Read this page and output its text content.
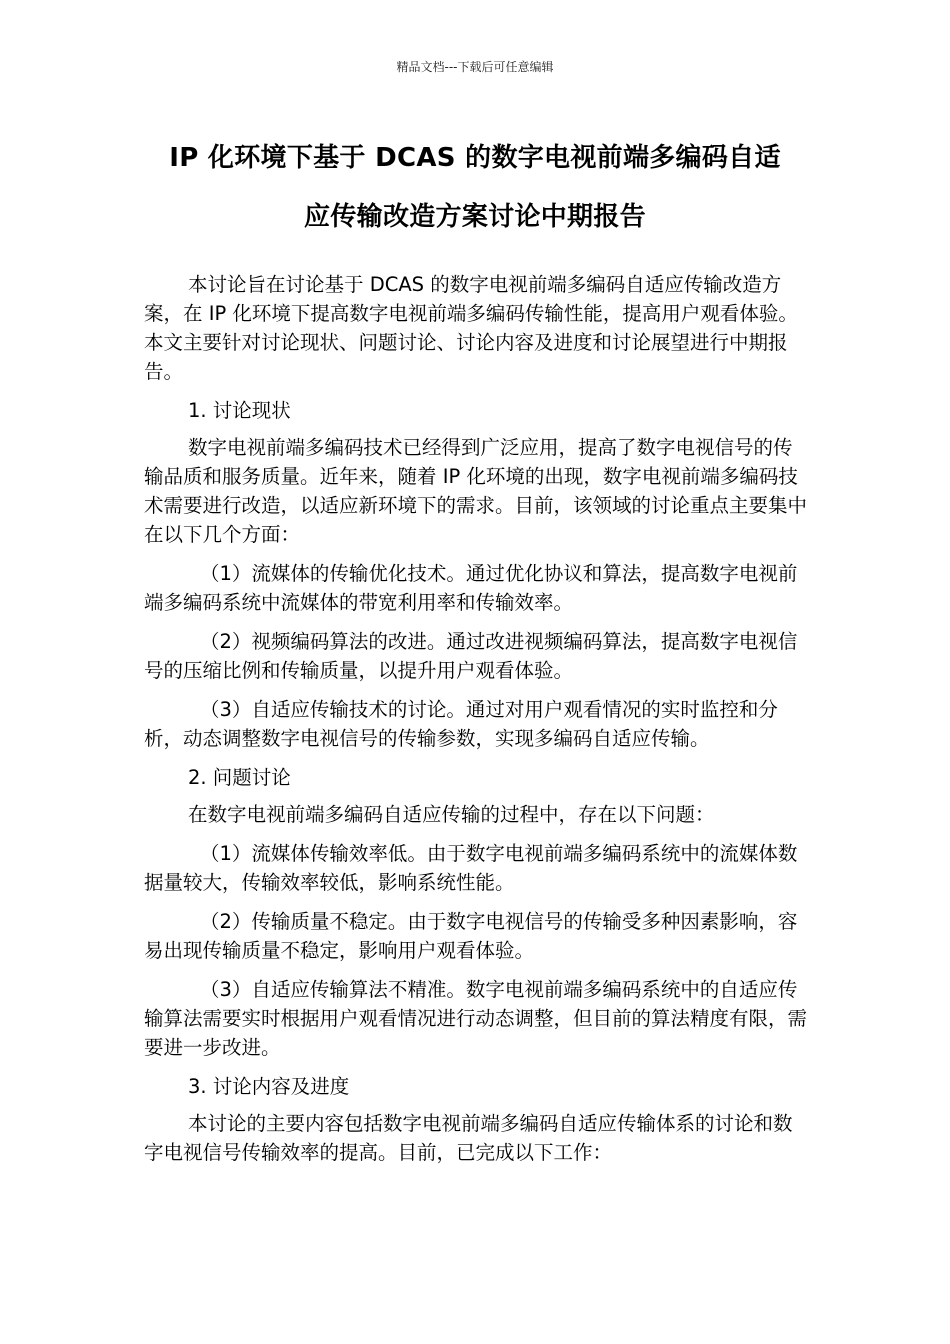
精品文档---下载后可任意编辑
IP 化环境下基于 DCAS 的数字电视前端多编码自适
应传输改造方案讨论中期报告

本讨论旨在讨论基于 DCAS 的数字电视前端多编码自适应传输改造方案，在 IP 化环境下提高数字电视前端多编码传输性能，提高用户观看体验。本文主要针对讨论现状、问题讨论、讨论内容及进度和讨论展望进行中期报告。

1. 讨论现状

数字电视前端多编码技术已经得到广泛应用，提高了数字电视信号的传输品质和服务质量。近年来，随着 IP 化环境的出现，数字电视前端多编码技术需要进行改造，以适应新环境下的需求。目前，该领域的讨论重点主要集中在以下几个方面：

（1）流媒体的传输优化技术。通过优化协议和算法，提高数字电视前端多编码系统中流媒体的带宽利用率和传输效率。

（2）视频编码算法的改进。通过改进视频编码算法，提高数字电视信号的压缩比例和传输质量，以提升用户观看体验。

（3）自适应传输技术的讨论。通过对用户观看情况的实时监控和分析，动态调整数字电视信号的传输参数，实现多编码自适应传输。

2. 问题讨论

在数字电视前端多编码自适应传输的过程中，存在以下问题：

（1）流媒体传输效率低。由于数字电视前端多编码系统中的流媒体数据量较大，传输效率较低，影响系统性能。

（2）传输质量不稳定。由于数字电视信号的传输受多种因素影响，容易出现传输质量不稳定，影响用户观看体验。

（3）自适应传输算法不精准。数字电视前端多编码系统中的自适应传输算法需要实时根据用户观看情况进行动态调整，但目前的算法精度有限，需要进一步改进。

3. 讨论内容及进度

本讨论的主要内容包括数字电视前端多编码自适应传输体系的讨论和数字电视信号传输效率的提高。目前，已完成以下工作：
